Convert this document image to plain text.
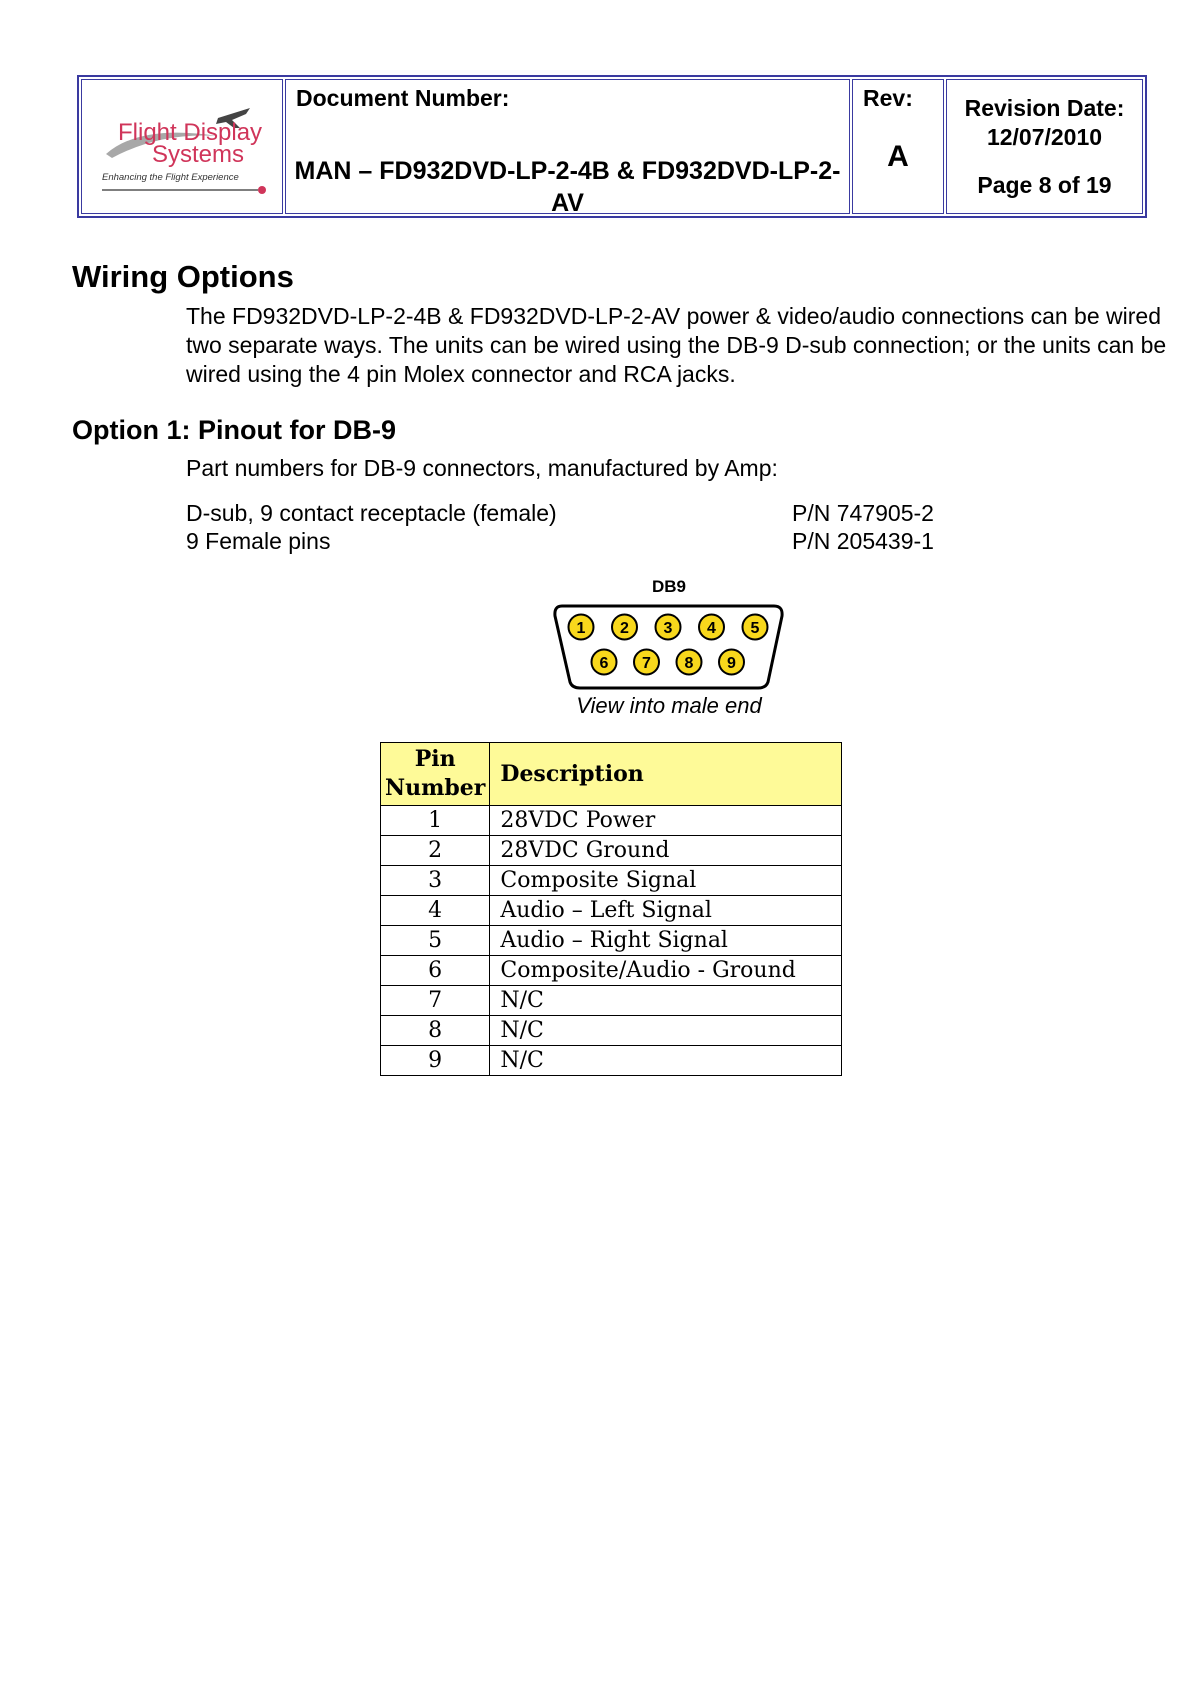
Flight Display
Systems
Enhancing the Flight Experience
Document Number:
MAN – FD932DVD-LP-2-4B & FD932DVD-LP-2-AV
Rev:
A
Revision Date: 12/07/2010
Page 8 of 19
Wiring Options

The FD932DVD-LP-2-4B & FD932DVD-LP-2-AV power & video/audio connections can be wired two separate ways. The units can be wired using the DB-9 D-sub connection; or the units can be wired using the 4 pin Molex connector and RCA jacks.

Option 1: Pinout for DB-9

Part numbers for DB-9 connectors, manufactured by Amp:

D-sub, 9 contact receptacle (female)	P/N 747905-2
9 Female pins	P/N 205439-1
DB9
1 2 3 4 5
6 7 8 9
View into male end
Pin Number	Description
1	28VDC Power
2	28VDC Ground
3	Composite Signal
4	Audio – Left Signal
5	Audio – Right Signal
6	Composite/Audio - Ground
7	N/C
8	N/C
9	N/C
